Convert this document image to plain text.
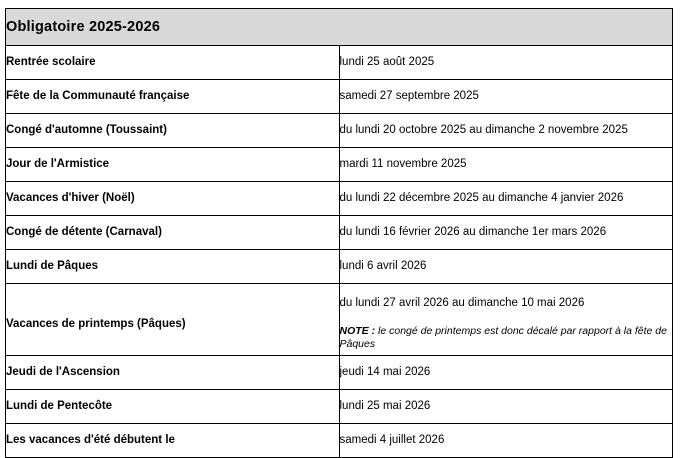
Obligatoire 2025-2026	
Rentrée scolaire	lundi 25 août 2025
Fête de la Communauté française	samedi 27 septembre 2025
Congé d'automne (Toussaint)	du lundi 20 octobre 2025 au dimanche 2 novembre 2025
Jour de l'Armistice	mardi 11 novembre 2025
Vacances d'hiver (Noël)	du lundi 22 décembre 2025 au dimanche 4 janvier 2026
Congé de détente (Carnaval)	du lundi 16 février 2026 au dimanche 1er mars 2026
Lundi de Pâques	lundi 6 avril 2026
Vacances de printemps (Pâques)	du lundi 27 avril 2026 au dimanche 10 mai 2026
NOTE : le congé de printemps est donc décalé par rapport à la fête de Pâques

Jeudi de l'Ascension	jeudi 14 mai 2026
Lundi de Pentecôte	lundi 25 mai 2026
Les vacances d'été débutent le	samedi 4 juillet 2026
